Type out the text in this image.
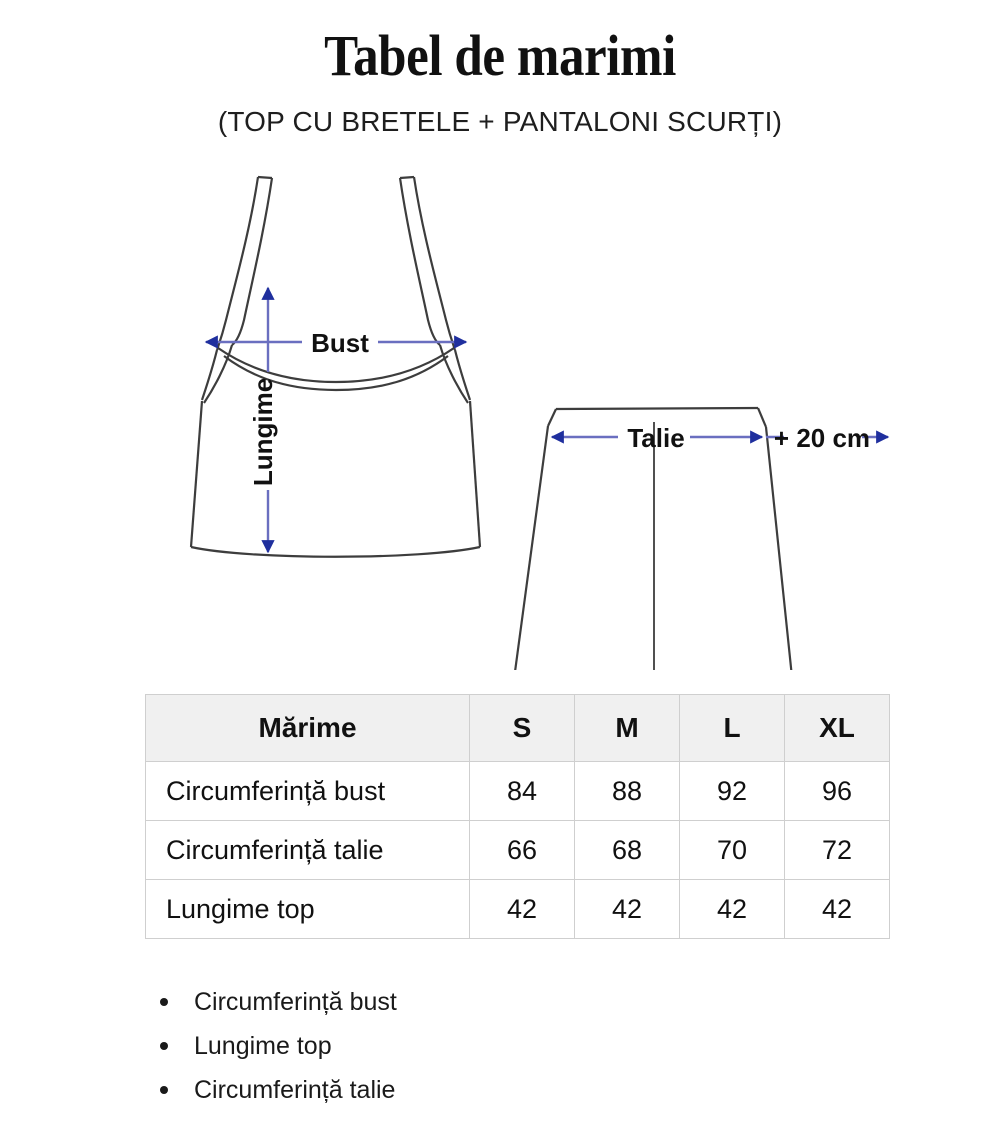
Tabel de marimi
(TOP CU BRETELE + PANTALONI SCURȚI)
Bust
Lungime	Talie	+ 20 cm
Mărime	S	M	L	XL
Circumferință bust	84	88	92	96
Circumferință talie	66	68	70	72
Lungime top	42	42	42	42
Circumferință bust
Lungime top
Circumferință talie
